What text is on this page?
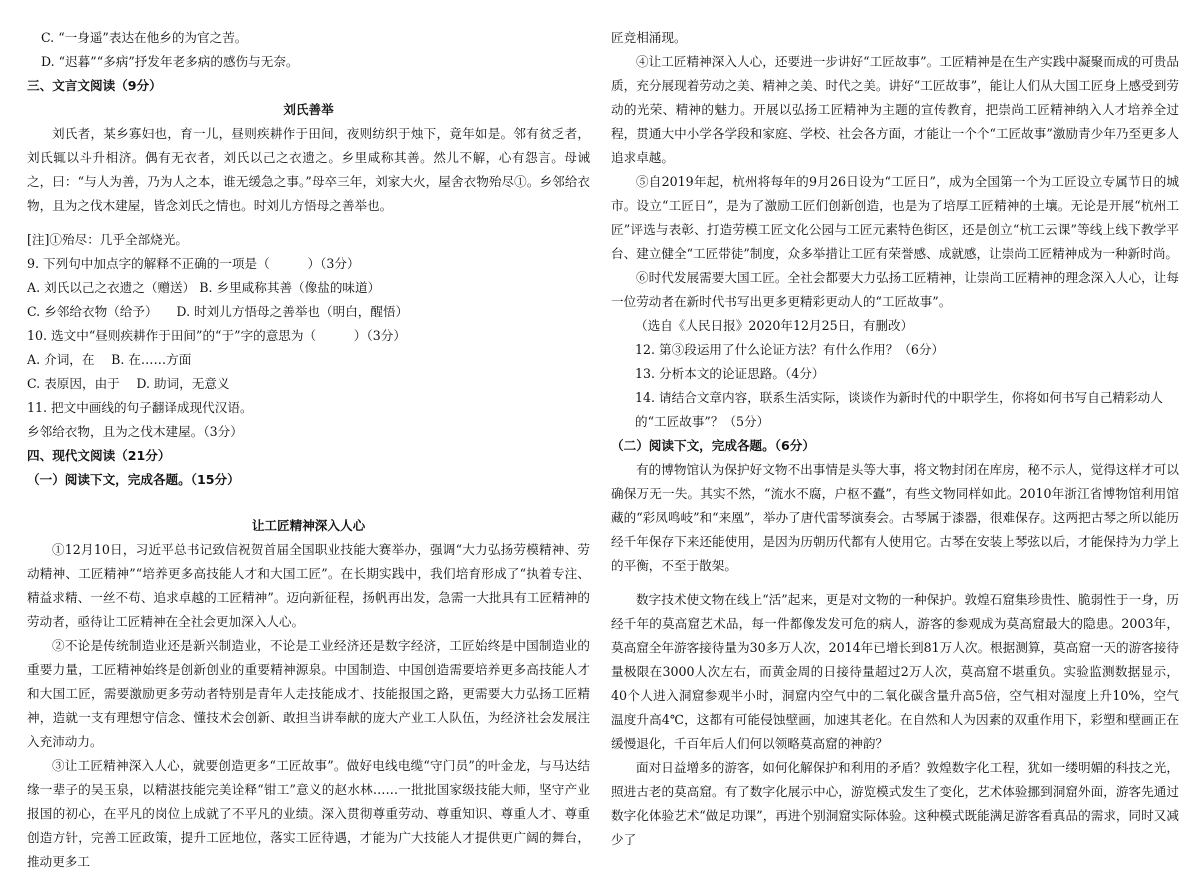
C. “一身遥”表达在他乡的为官之苦。
D. “迟暮”“多病”抒发年老多病的感伤与无奈。
三、文言文阅读（9分）
刘氏善举
刘氏者，某乡寡妇也，育一儿，昼则疾耕作于田间，夜则纺织于烛下，竟年如是。邻有贫乏者，刘氏辄以斗升相济。偶有无衣者，刘氏以己之衣遗之。乡里咸称其善。然儿不解，心有怨言。母诫之，曰：“与人为善，乃为人之本，谁无缓急之事。”母卒三年，刘家大火，屋舍衣物殆尽①。乡邻给衣物，且为之伐木建屋，皆念刘氏之情也。时刘儿方悟母之善举也。
[注]①殆尽：几乎全部烧光。
9. 下列句中加点字的解释不正确的一项是（　　　）（3分）
A. 刘氏以己之衣遗之（赠送） B. 乡里咸称其善（像盐的味道）
C. 乡邻给衣物（给予）　　D. 时刘儿方悟母之善举也（明白，醒悟）
10. 选文中“昼则疾耕作于田间”的“于”字的意思为（　　　）（3分）
A. 介词，在　 B. 在……方面
C. 表原因，由于　 D. 助词，无意义
11. 把文中画线的句子翻译成现代汉语。
乡邻给衣物，且为之伐木建屋。（3分）
四、现代文阅读（21分）
（一）阅读下文，完成各题。（15分）
让工匠精神深入人心
①12月10日，习近平总书记致信祝贺首届全国职业技能大赛举办，强调“大力弘扬劳模精神、劳动精神、工匠精神”“培养更多高技能人才和大国工匠”。在长期实践中，我们培育形成了“执着专注、精益求精、一丝不苟、追求卓越的工匠精神”。迈向新征程，扬帆再出发，急需一大批具有工匠精神的劳动者，亟待让工匠精神在全社会更加深入人心。
②不论是传统制造业还是新兴制造业，不论是工业经济还是数字经济，工匠始终是中国制造业的重要力量，工匠精神始终是创新创业的重要精神源泉。中国制造、中国创造需要培养更多高技能人才和大国工匠，需要激励更多劳动者特别是青年人走技能成才、技能报国之路，更需要大力弘扬工匠精神，造就一支有理想守信念、懂技术会创新、敢担当讲奉献的庞大产业工人队伍，为经济社会发展注入充沛动力。
③让工匠精神深入人心，就要创造更多“工匠故事”。做好电线电缆“守门员”的叶金龙，与马达结缘一辈子的吴玉泉，以精湛技能完美诠释“钳工”意义的赵水林……一批批国家级技能大师，坚守产业报国的初心，在平凡的岗位上成就了不平凡的业绩。深入贯彻尊重劳动、尊重知识、尊重人才、尊重创造方针，完善工匠政策，提升工匠地位，落实工匠待遇，才能为广大技能人才提供更广阔的舞台，推动更多工
匠竞相涌现。
④让工匠精神深入人心，还要进一步讲好“工匠故事”。工匠精神是在生产实践中凝聚而成的可贵品质，充分展现着劳动之美、精神之美、时代之美。讲好“工匠故事”，能让人们从大国工匠身上感受到劳动的光荣、精神的魅力。开展以弘扬工匠精神为主题的宣传教育，把崇尚工匠精神纳入人才培养全过程，贯通大中小学各学段和家庭、学校、社会各方面，才能让一个个“工匠故事”激励青少年乃至更多人追求卓越。
⑤自2019年起，杭州将每年的9月26日设为“工匠日”，成为全国第一个为工匠设立专属节日的城市。设立“工匠日”，是为了激励工匠们创新创造，也是为了培厚工匠精神的土壤。无论是开展“杭州工匠”评选与表彰、打造劳模工匠文化公园与工匠元素特色街区，还是创立“杭工云课”等线上线下教学平台、建立健全“工匠带徒”制度，众多举措让工匠有荣誉感、成就感，让崇尚工匠精神成为一种新时尚。
⑥时代发展需要大国工匠。全社会都要大力弘扬工匠精神，让崇尚工匠精神的理念深入人心，让每一位劳动者在新时代书写出更多更精彩更动人的“工匠故事”。
（选自《人民日报》2020年12月25日，有删改）
12. 第③段运用了什么论证方法？有什么作用？（6分）
13. 分析本文的论证思路。（4分）
14. 请结合文章内容，联系生活实际，谈谈作为新时代的中职学生，你将如何书写自己精彩动人的“工匠故事”？（5分）
（二）阅读下文，完成各题。（6分）
有的博物馆认为保护好文物不出事情是头等大事，将文物封闭在库房，秘不示人，觉得这样才可以确保万无一失。其实不然，“流水不腐，户枢不蠹”，有些文物同样如此。2010年浙江省博物馆利用馆藏的“彩凤鸣岐”和“来凰”，举办了唐代雷琴演奏会。古琴属于漆器，很难保存。这两把古琴之所以能历经千年保存下来还能使用，是因为历朝历代都有人使用它。古琴在安装上琴弦以后，才能保持为力学上的平衡，不至于散架。
数字技术使文物在线上“活”起来，更是对文物的一种保护。敦煌石窟集珍贵性、脆弱性于一身，历经千年的莫高窟艺术品，每一件都像发发可危的病人，游客的参观成为莫高窟最大的隐患。2003年，莫高窟全年游客接待量为30多万人次，2014年已增长到81万人次。根据测算，莫高窟一天的游客接待量极限在3000人次左右，而黄金周的日接待量超过2万人次，莫高窟不堪重负。实验监测数据显示，40个人进入洞窟参观半小时，洞窟内空气中的二氧化碳含量升高5倍，空气相对湿度上升10%，空气温度升高4℃，这都有可能侵蚀壁画，加速其老化。在自然和人为因素的双重作用下，彩塑和壁画正在缓慢退化，千百年后人们何以领略莫高窟的神韵？
面对日益增多的游客，如何化解保护和利用的矛盾？敦煌数字化工程，犹如一缕明媚的科技之光，照进古老的莫高窟。有了数字化展示中心，游览模式发生了变化，艺术体验挪到洞窟外面，游客先通过数字化体验艺术“做足功课”，再进个别洞窟实际体验。这种模式既能满足游客看真品的需求，同时又减少了
